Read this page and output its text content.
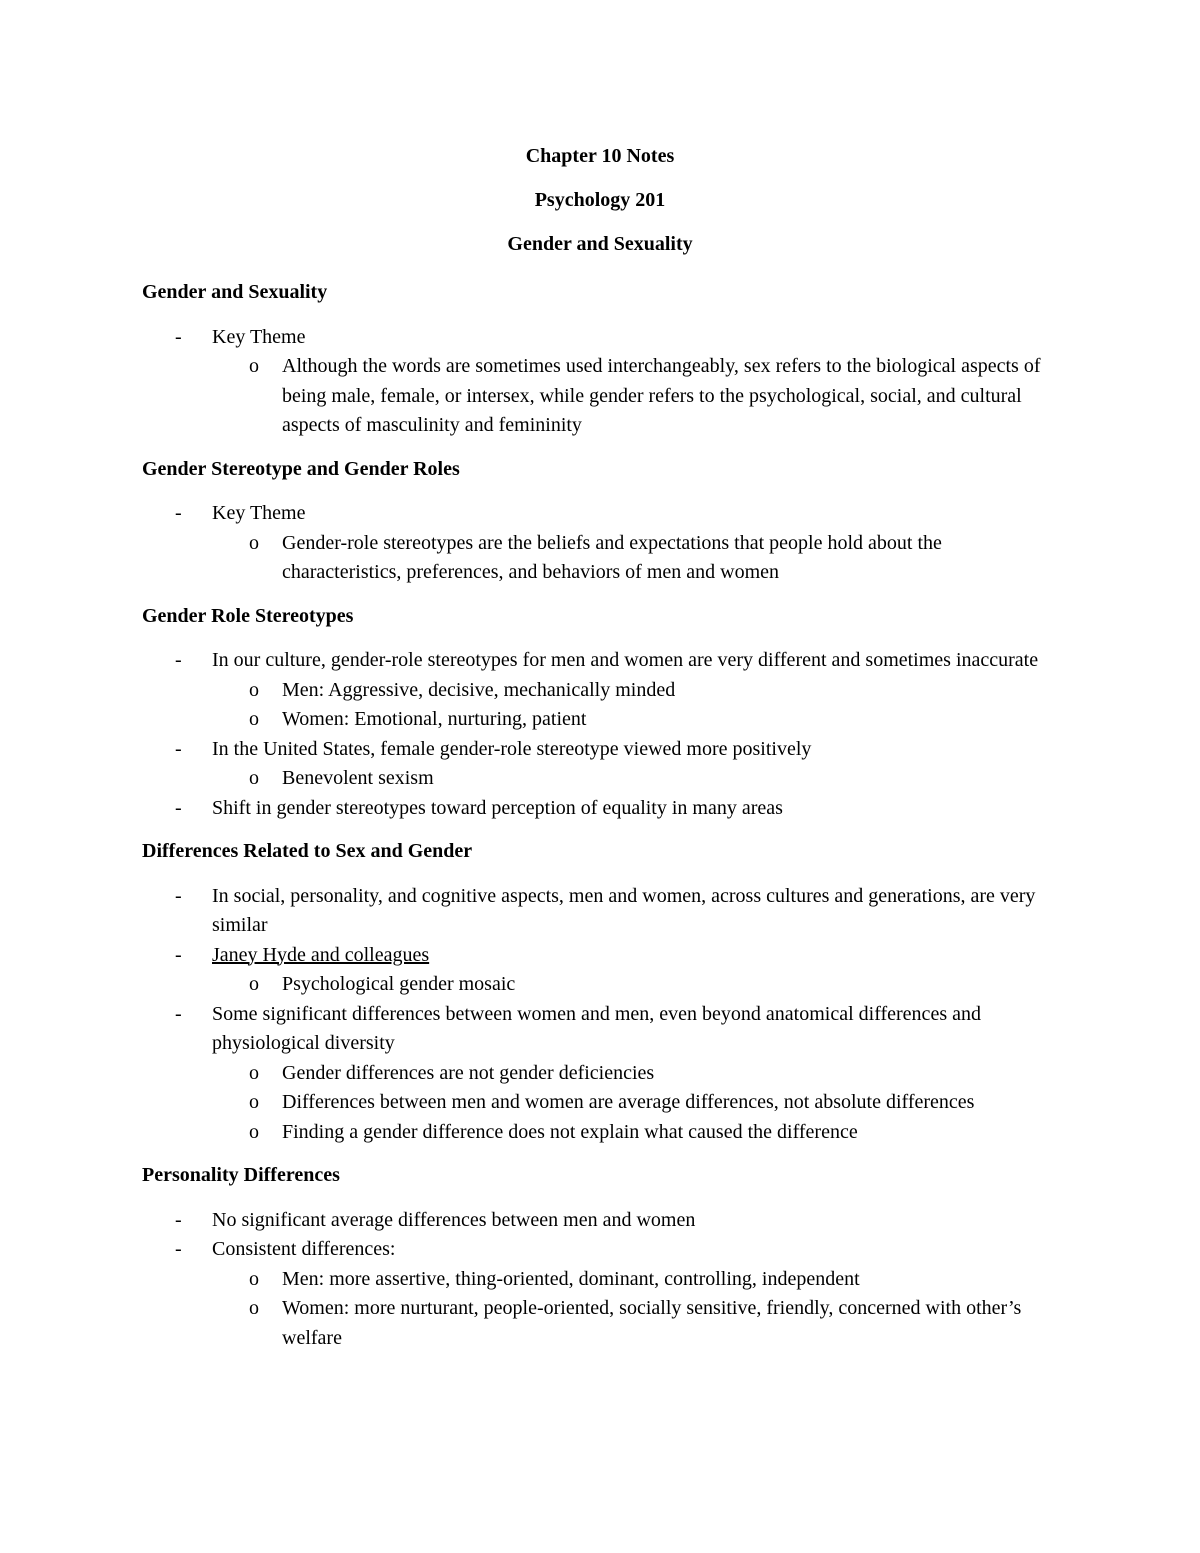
Chapter 10 Notes
Psychology 201
Gender and Sexuality
Gender and Sexuality
- Key Theme
o Although the words are sometimes used interchangeably, sex refers to the biological aspects of being male, female, or intersex, while gender refers to the psychological, social, and cultural aspects of masculinity and femininity
Gender Stereotype and Gender Roles
- Key Theme
o Gender-role stereotypes are the beliefs and expectations that people hold about the characteristics, preferences, and behaviors of men and women
Gender Role Stereotypes
- In our culture, gender-role stereotypes for men and women are very different and sometimes inaccurate
o Men: Aggressive, decisive, mechanically minded
o Women: Emotional, nurturing, patient
- In the United States, female gender-role stereotype viewed more positively
o Benevolent sexism
- Shift in gender stereotypes toward perception of equality in many areas
Differences Related to Sex and Gender
- In social, personality, and cognitive aspects, men and women, across cultures and generations, are very similar
- Janey Hyde and colleagues
o Psychological gender mosaic
- Some significant differences between women and men, even beyond anatomical differences and physiological diversity
o Gender differences are not gender deficiencies
o Differences between men and women are average differences, not absolute differences
o Finding a gender difference does not explain what caused the difference
Personality Differences
- No significant average differences between men and women
- Consistent differences:
o Men: more assertive, thing-oriented, dominant, controlling, independent
o Women: more nurturant, people-oriented, socially sensitive, friendly, concerned with other’s welfare
